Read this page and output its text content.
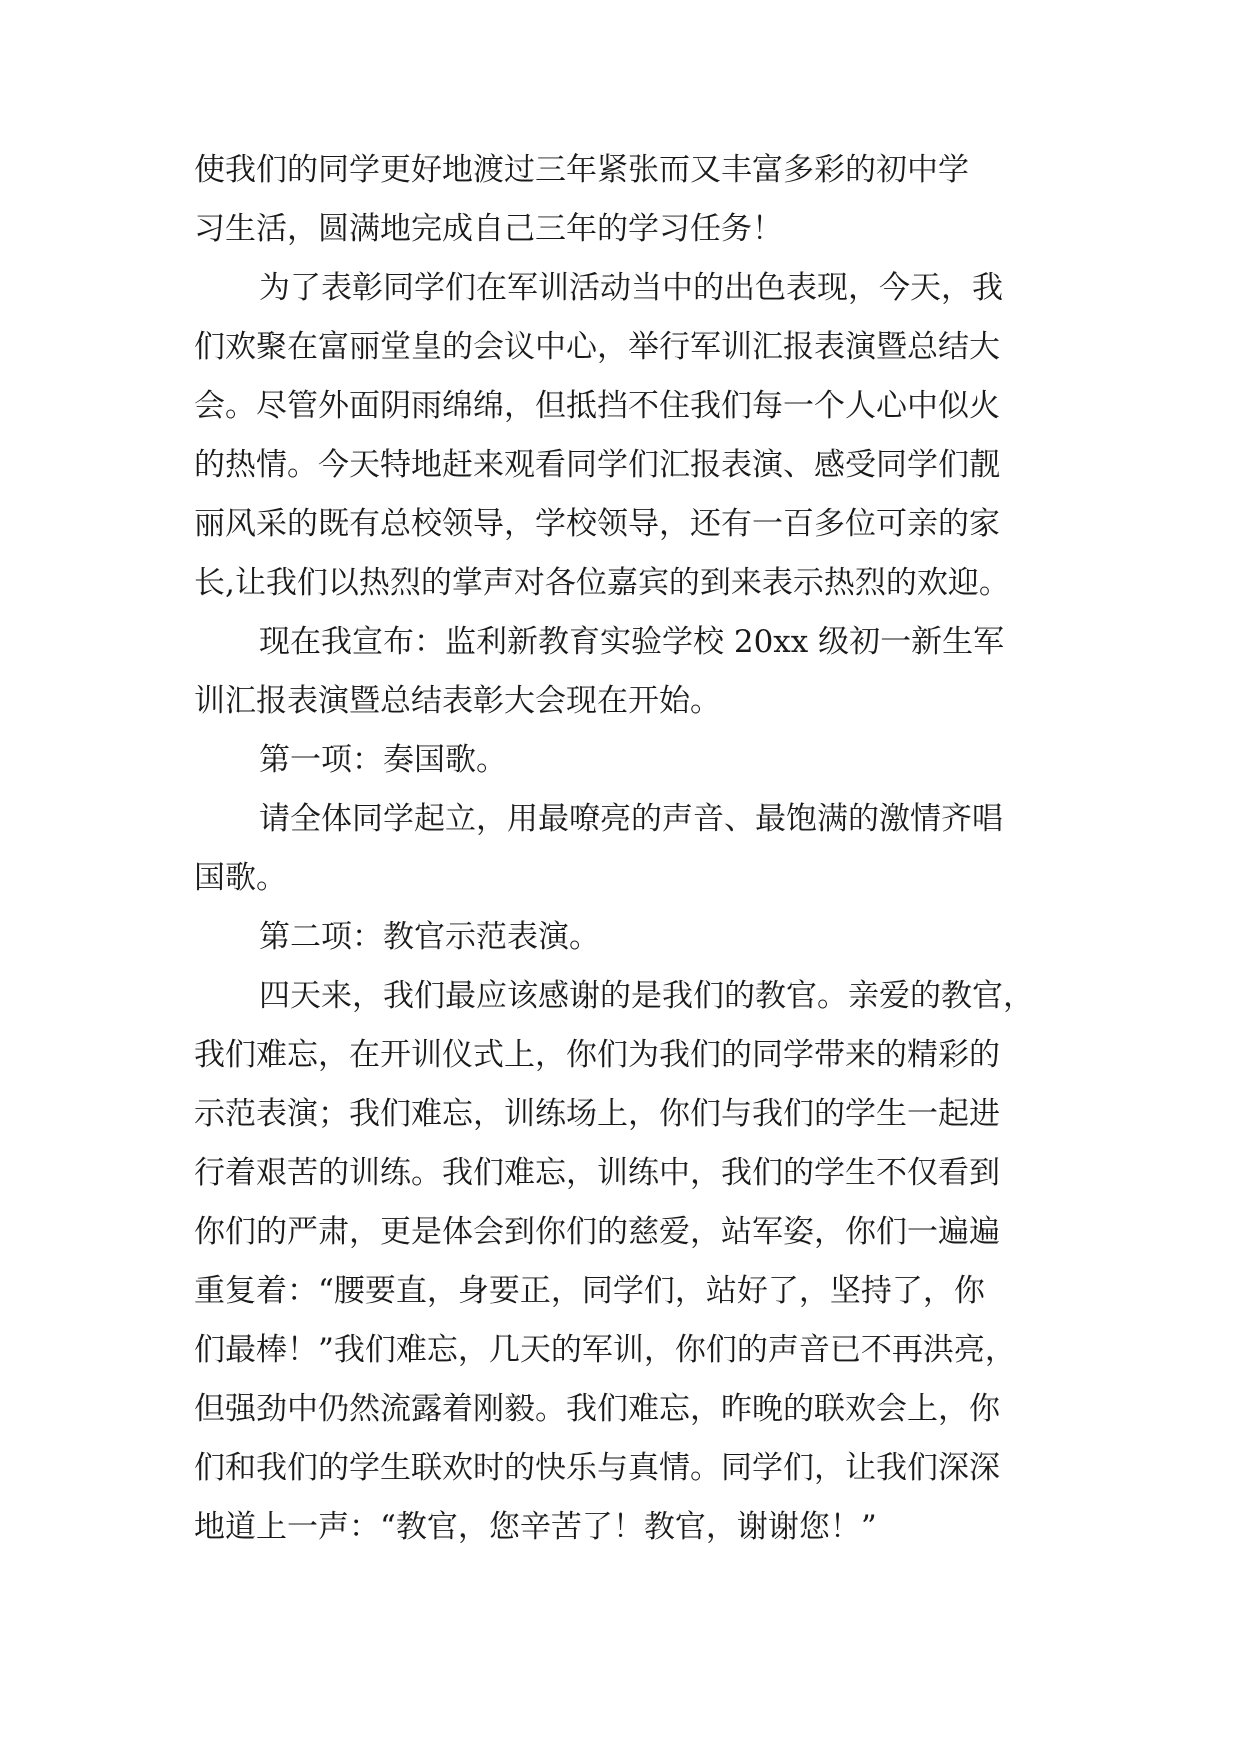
使我们的同学更好地渡过三年紧张而又丰富多彩的初中学
习生活，圆满地完成自己三年的学习任务！
为了表彰同学们在军训活动当中的出色表现，今天，我
们欢聚在富丽堂皇的会议中心，举行军训汇报表演暨总结大
会。尽管外面阴雨绵绵，但抵挡不住我们每一个人心中似火
的热情。今天特地赶来观看同学们汇报表演、感受同学们靓
丽风采的既有总校领导，学校领导，还有一百多位可亲的家
长,让我们以热烈的掌声对各位嘉宾的到来表示热烈的欢迎。
现在我宣布：监利新教育实验学校 20xx 级初一新生军
训汇报表演暨总结表彰大会现在开始。
第一项：奏国歌。
请全体同学起立，用最嘹亮的声音、最饱满的激情齐唱
国歌。
第二项：教官示范表演。
四天来，我们最应该感谢的是我们的教官。亲爱的教官，
我们难忘，在开训仪式上，你们为我们的同学带来的精彩的
示范表演；我们难忘，训练场上，你们与我们的学生一起进
行着艰苦的训练。我们难忘，训练中，我们的学生不仅看到
你们的严肃，更是体会到你们的慈爱，站军姿，你们一遍遍
重复着：“腰要直，身要正，同学们，站好了，坚持了，你
们最棒！”我们难忘，几天的军训，你们的声音已不再洪亮，
但强劲中仍然流露着刚毅。我们难忘，昨晚的联欢会上，你
们和我们的学生联欢时的快乐与真情。同学们，让我们深深
地道上一声：“教官，您辛苦了！教官，谢谢您！”
